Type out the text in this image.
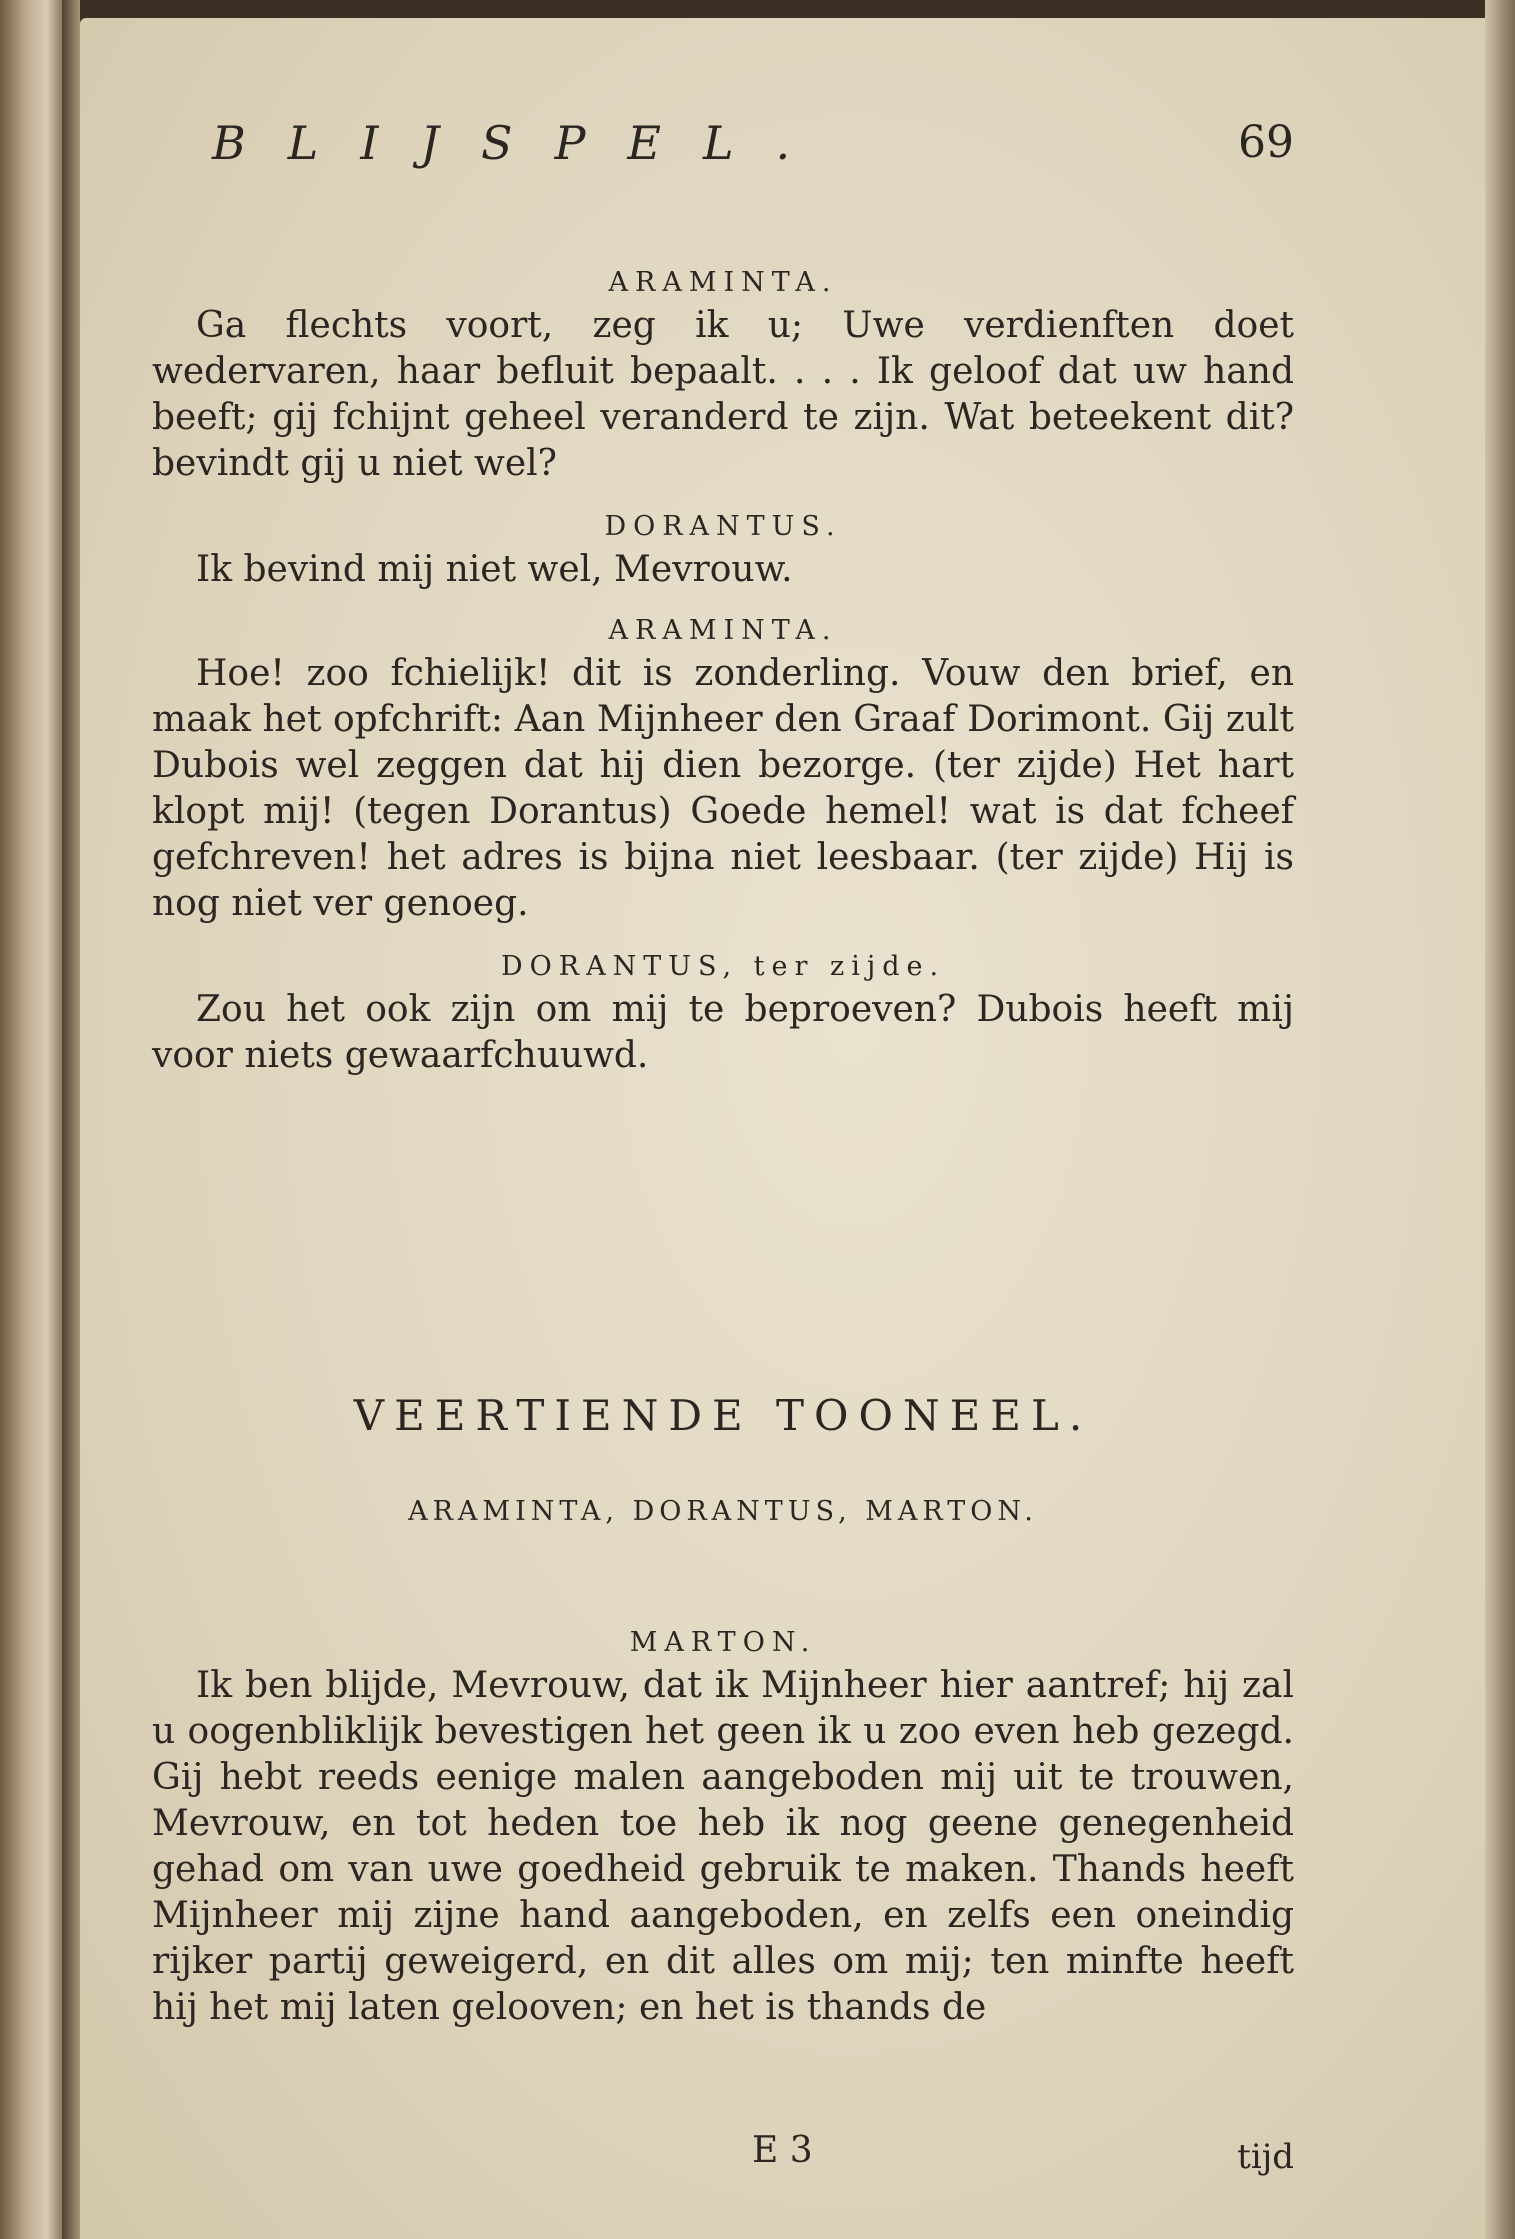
BLIJSPEL.	69

ARAMINTA.

Ga flechts voort, zeg ik u; Uwe verdienften doet wedervaren, haar befluit bepaalt. . . . Ik geloof dat uw hand beeft; gij fchijnt geheel veranderd te zijn. Wat beteekent dit? bevindt gij u niet wel?

DORANTUS.

Ik bevind mij niet wel, Mevrouw.

ARAMINTA.

Hoe! zoo fchielijk! dit is zonderling. Vouw den brief, en maak het opfchrift: Aan Mijnheer den Graaf Dorimont. Gij zult Dubois wel zeggen dat hij dien bezorge. (ter zijde) Het hart klopt mij! (tegen Dorantus) Goede hemel! wat is dat fcheef gefchreven! het adres is bijna niet leesbaar. (ter zijde) Hij is nog niet ver genoeg.

DORANTUS, ter zijde.

Zou het ook zijn om mij te beproeven? Dubois heeft mij voor niets gewaarfchuuwd.

VEERTIENDE TOONEEL.

ARAMINTA, DORANTUS, MARTON.

MARTON.

Ik ben blijde, Mevrouw, dat ik Mijnheer hier aantref; hij zal u oogenbliklijk bevestigen het geen ik u zoo even heb gezegd. Gij hebt reeds eenige malen aangeboden mij uit te trouwen, Mevrouw, en tot heden toe heb ik nog geene genegenheid gehad om van uwe goedheid gebruik te maken. Thands heeft Mijnheer mij zijne hand aangeboden, en zelfs een oneindig rijker partij geweigerd, en dit alles om mij; ten minfte heeft hij het mij laten gelooven; en het is thands de

E 3	tijd
